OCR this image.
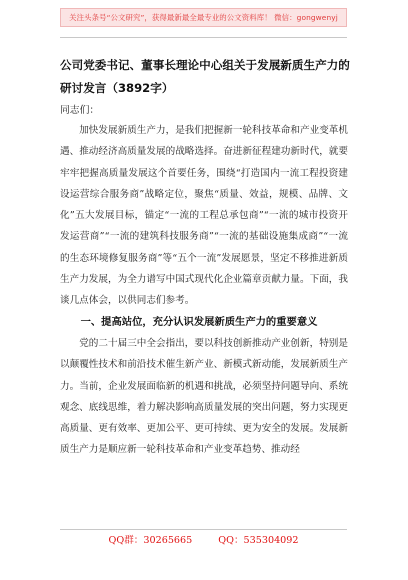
关注头条号“公文研究”，获得最新最全最专业的公文资料库！ 微信：gongwenyj
公司党委书记、董事长理论中心组关于发展新质生产力的研讨发言（3892字）
同志们：

加快发展新质生产力，是我们把握新一轮科技革命和产业变革机遇、推动经济高质量发展的战略选择。奋进新征程建功新时代，就要牢牢把握高质量发展这个首要任务，围绕“打造国内一流工程投资建设运营综合服务商”战略定位，聚焦“质量、效益，规模、品牌、文化”五大发展目标，锚定“一流的工程总承包商”“一流的城市投资开发运营商”“一流的建筑科技服务商”“一流的基础设施集成商”“一流的生态环境修复服务商”等“五个一流”发展愿景，坚定不移推进新质生产力发展，为全力谱写中国式现代化企业篇章贡献力量。下面，我谈几点体会，以供同志们参考。

一、提高站位，充分认识发展新质生产力的重要意义

党的二十届三中全会指出，要以科技创新推动产业创新，特别是以颠覆性技术和前沿技术催生新产业、新模式新动能，发展新质生产力。当前，企业发展面临新的机遇和挑战，必须坚持问题导向、系统观念、底线思维，着力解决影响高质量发展的突出问题，努力实现更高质量、更有效率、更加公平、更可持续、更为安全的发展。发展新质生产力是顺应新一轮科技革命和产业变革趋势、推动经

QQ群：30265665	QQ：535304092
